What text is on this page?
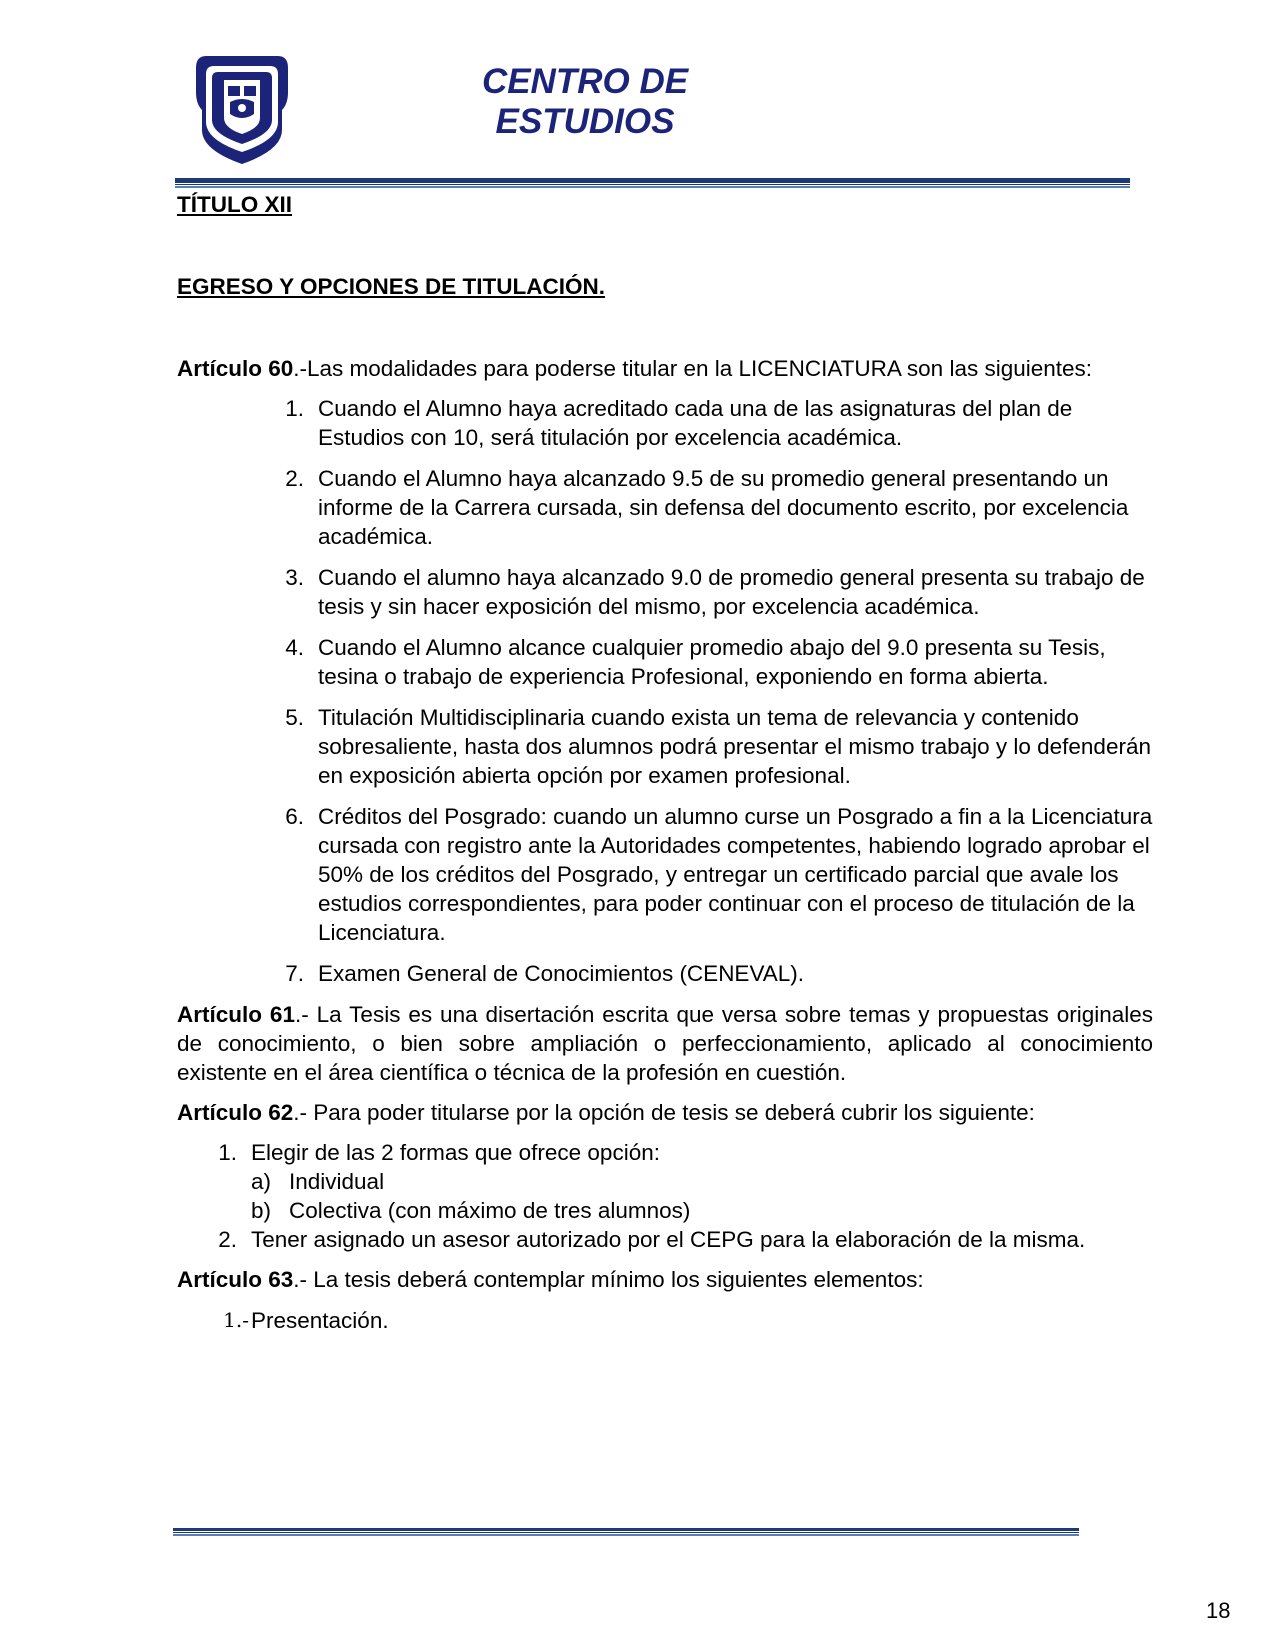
CENTRO DE ESTUDIOS

TÍTULO XII

EGRESO Y OPCIONES DE TITULACIÓN.

Artículo 60.-Las modalidades para poderse titular en la LICENCIATURA son las siguientes:

1. Cuando el Alumno haya acreditado cada una de las asignaturas del plan de Estudios con 10, será titulación por excelencia académica.
2. Cuando el Alumno haya alcanzado 9.5 de su promedio general presentando un informe de la Carrera cursada, sin defensa del documento escrito, por excelencia académica.
3. Cuando el alumno haya alcanzado 9.0 de promedio general presenta su trabajo de tesis y sin hacer exposición del mismo, por excelencia académica.
4. Cuando el Alumno alcance cualquier promedio abajo del 9.0 presenta su Tesis, tesina o trabajo de experiencia Profesional, exponiendo en forma abierta.
5. Titulación Multidisciplinaria cuando exista un tema de relevancia y contenido sobresaliente, hasta dos alumnos podrá presentar el mismo trabajo y lo defenderán en exposición abierta opción por examen profesional.
6. Créditos del Posgrado: cuando un alumno curse un Posgrado a fin a la Licenciatura cursada con registro ante la Autoridades competentes, habiendo logrado aprobar el 50% de los créditos del Posgrado, y entregar un certificado parcial que avale los estudios correspondientes, para poder continuar con el proceso de titulación de la Licenciatura.
7. Examen General de Conocimientos (CENEVAL).

Artículo 61.- La Tesis es una disertación escrita que versa sobre temas y propuestas originales de conocimiento, o bien sobre ampliación o perfeccionamiento, aplicado al conocimiento existente en el área científica o técnica de la profesión en cuestión.

Artículo 62.- Para poder titularse por la opción de tesis se deberá cubrir los siguiente:

1. Elegir de las 2 formas que ofrece opción:
a) Individual
b) Colectiva (con máximo de tres alumnos)
2. Tener asignado un asesor autorizado por el CEPG para la elaboración de la misma.

Artículo 63.- La tesis deberá contemplar mínimo los siguientes elementos:

1.- Presentación.
18
